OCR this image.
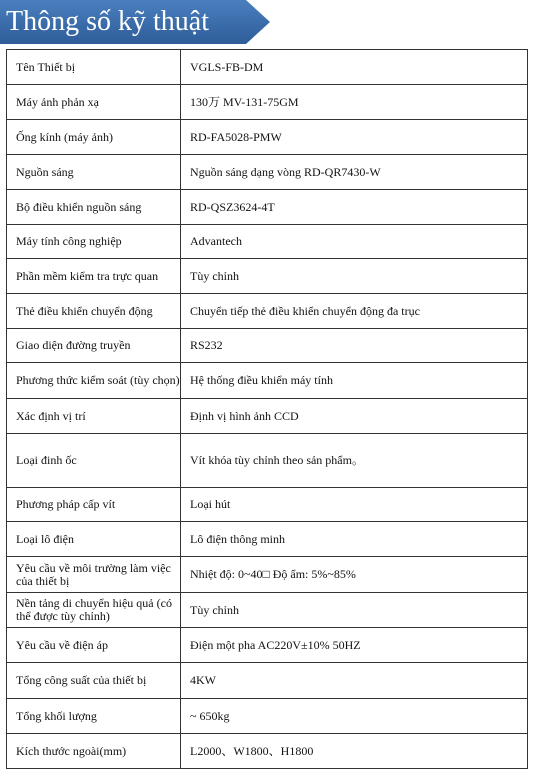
Thông số kỹ thuật
Tên Thiết bị	VGLS-FB-DM
Máy ảnh phản xạ	130万 MV-131-75GM
Ống kính (máy ảnh)	RD-FA5028-PMW
Nguồn sáng	Nguồn sáng dạng vòng RD-QR7430-W
Bộ điều khiển nguồn sáng	RD-QSZ3624-4T
Máy tính công nghiệp	Advantech
Phần mềm kiểm tra trực quan	Tùy chỉnh
Thẻ điều khiển chuyển động	Chuyển tiếp thẻ điều khiển chuyển động đa trục
Giao diện đường truyền	RS232
Phương thức kiểm soát (tùy chọn)	Hệ thống điều khiển máy tính
Xác định vị trí	Định vị hình ảnh CCD
Loại đinh ốc	Vít khóa tùy chỉnh theo sản phẩm。
Phương pháp cấp vít	Loại hút
Loại lô điện	Lô điện thông minh
Yêu cầu về môi trường làm việc của thiết bị	Nhiệt độ: 0~40□ Độ ẩm: 5%~85%
Nền tảng di chuyển hiệu quả (có thể được tùy chỉnh)	Tùy chỉnh
Yêu cầu về điện áp	Điện một pha AC220V±10% 50HZ
Tổng công suất của thiết bị	4KW
Tổng khối lượng	~ 650kg
Kích thước ngoài(mm)	L2000、W1800、H1800
